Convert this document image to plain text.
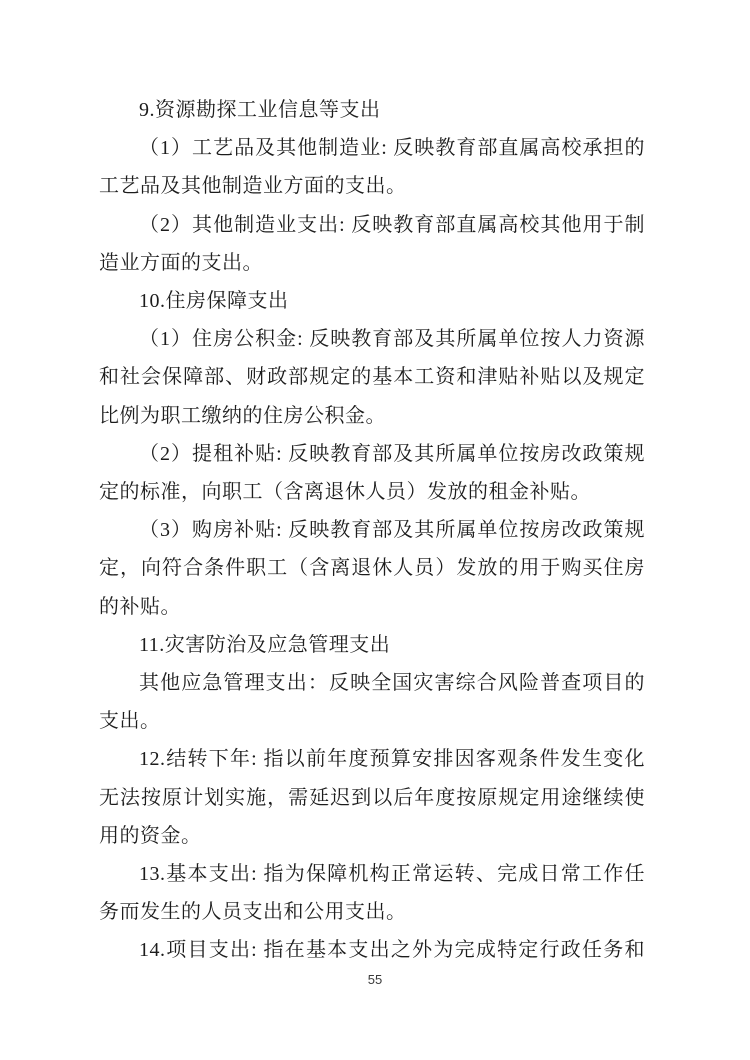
9.资源勘探工业信息等支出
（1）工艺品及其他制造业: 反映教育部直属高校承担的
工艺品及其他制造业方面的支出。
（2）其他制造业支出: 反映教育部直属高校其他用于制
造业方面的支出。
10.住房保障支出
（1）住房公积金: 反映教育部及其所属单位按人力资源
和社会保障部、财政部规定的基本工资和津贴补贴以及规定
比例为职工缴纳的住房公积金。
（2）提租补贴: 反映教育部及其所属单位按房改政策规
定的标准，向职工（含离退休人员）发放的租金补贴。
（3）购房补贴: 反映教育部及其所属单位按房改政策规
定，向符合条件职工（含离退休人员）发放的用于购买住房
的补贴。
11.灾害防治及应急管理支出
其他应急管理支出：反映全国灾害综合风险普查项目的
支出。
12.结转下年: 指以前年度预算安排因客观条件发生变化
无法按原计划实施，需延迟到以后年度按原规定用途继续使
用的资金。
13.基本支出: 指为保障机构正常运转、完成日常工作任
务而发生的人员支出和公用支出。
14.项目支出: 指在基本支出之外为完成特定行政任务和
55
